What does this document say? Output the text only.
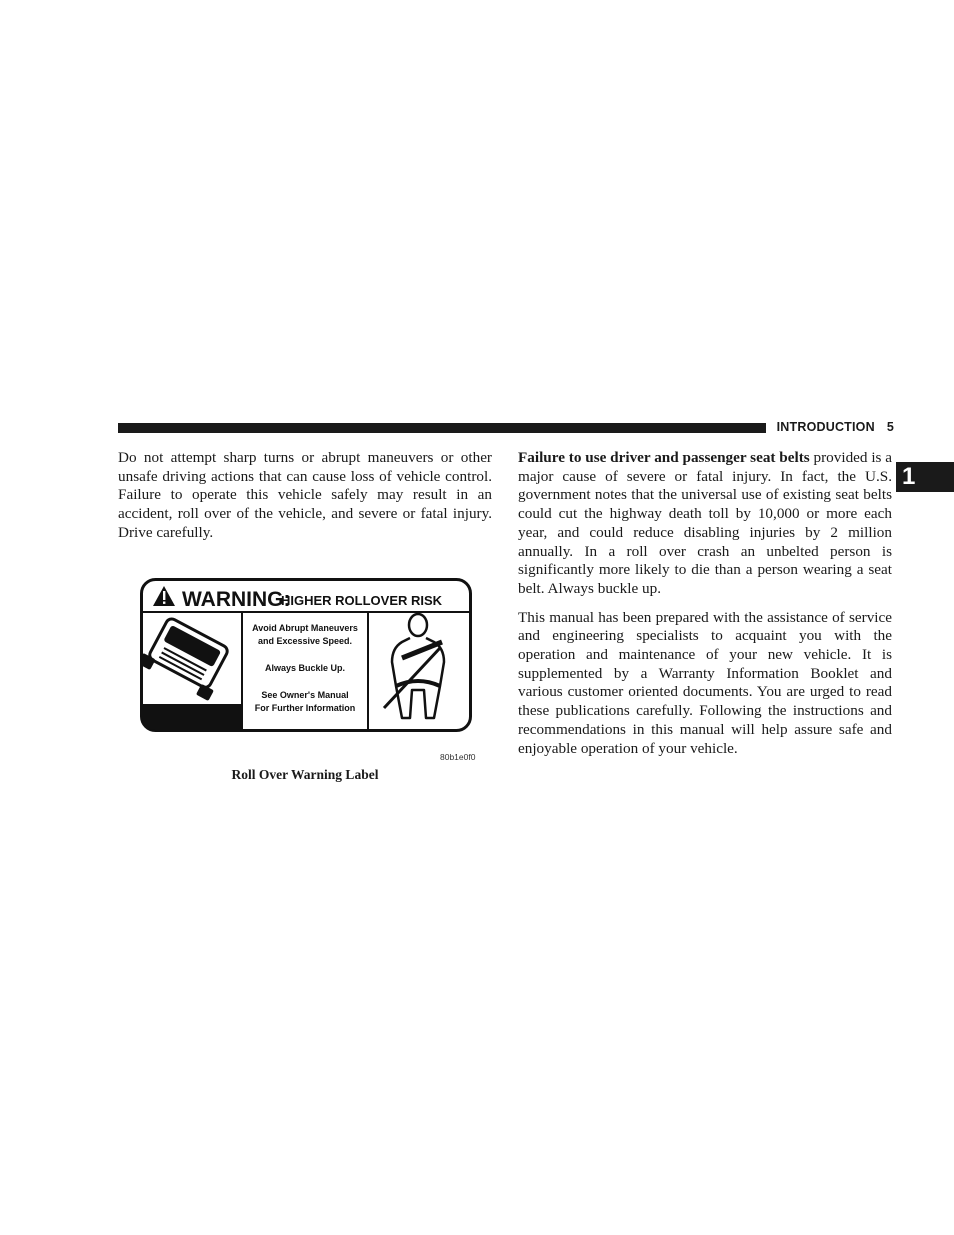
INTRODUCTION 5
1

Do not attempt sharp turns or abrupt maneuvers or other unsafe driving actions that can cause loss of vehicle control. Failure to operate this vehicle safely may result in an accident, roll over of the vehicle, and severe or fatal injury. Drive carefully.

WARNING:
HIGHER ROLLOVER RISK
Avoid Abrupt Maneuvers
and Excessive Speed.
Always Buckle Up.
See Owner's Manual
For Further Information
80b1e0f0
Roll Over Warning Label

Failure to use driver and passenger seat belts provided is a major cause of severe or fatal injury. In fact, the U.S. government notes that the universal use of existing seat belts could cut the highway death toll by 10,000 or more each year, and could reduce disabling injuries by 2 million annually. In a roll over crash an unbelted person is significantly more likely to die than a person wearing a seat belt. Always buckle up.

This manual has been prepared with the assistance of service and engineering specialists to acquaint you with the operation and maintenance of your new vehicle. It is supplemented by a Warranty Information Booklet and various customer oriented documents. You are urged to read these publications carefully. Following the instructions and recommendations in this manual will help assure safe and enjoyable operation of your vehicle.
